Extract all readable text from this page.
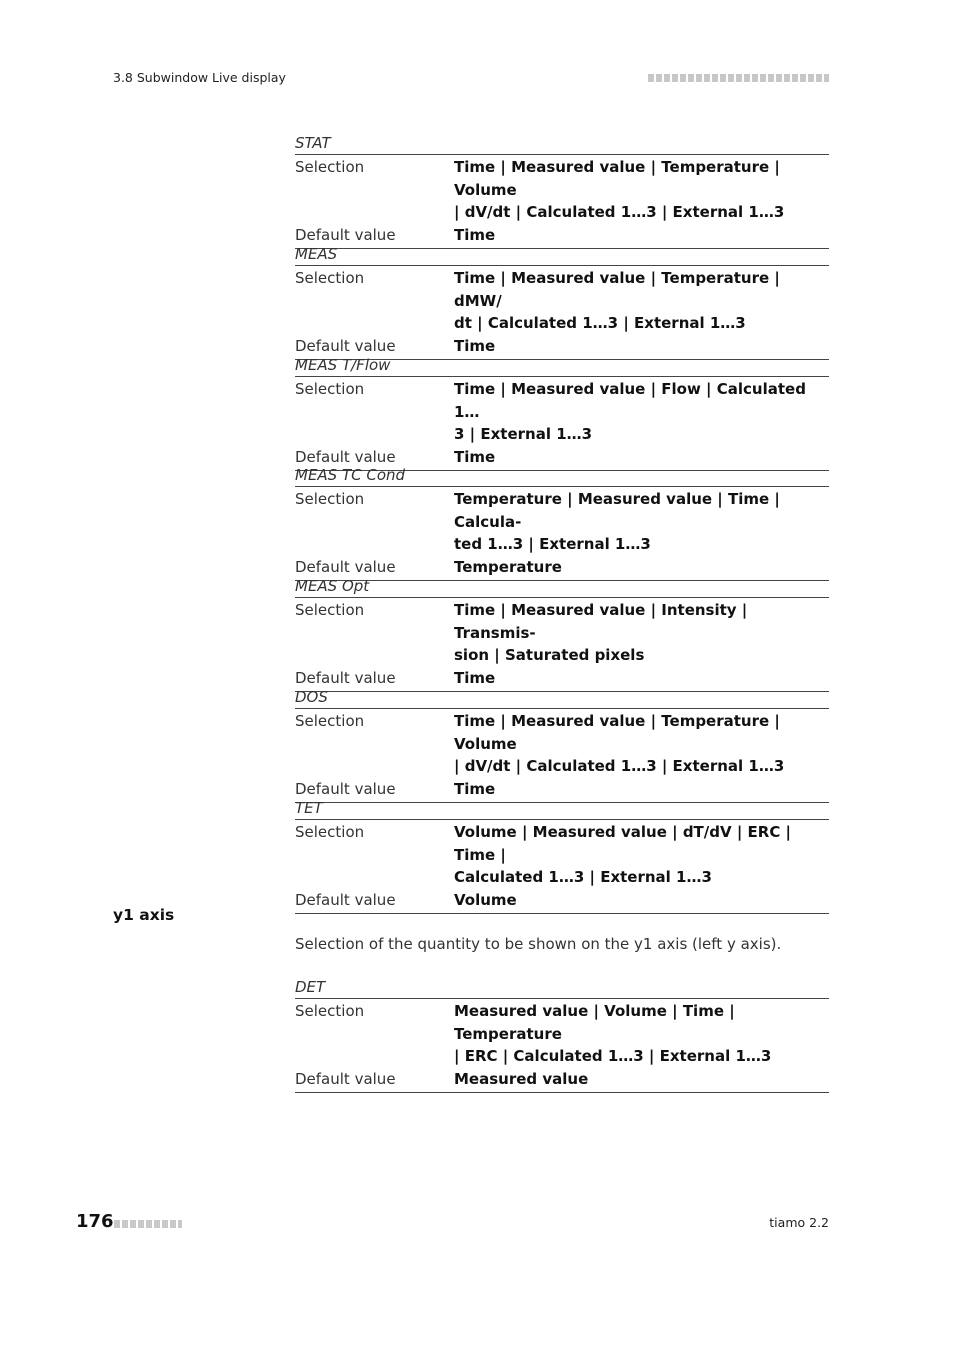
3.8 Subwindow Live display
STAT
Selection	Time | Measured value | Temperature | Volume
| dV/dt | Calculated 1…3 | External 1…3
Default value	Time
MEAS
Selection	Time | Measured value | Temperature | dMW/
dt | Calculated 1…3 | External 1…3
Default value	Time
MEAS T/Flow
Selection	Time | Measured value | Flow | Calculated 1…
3 | External 1…3
Default value	Time
MEAS TC Cond
Selection	Temperature | Measured value | Time | Calcula-
ted 1…3 | External 1…3
Default value	Temperature
MEAS Opt
Selection	Time | Measured value | Intensity | Transmis-
sion | Saturated pixels
Default value	Time
DOS
Selection	Time | Measured value | Temperature | Volume
| dV/dt | Calculated 1…3 | External 1…3
Default value	Time
TET
Selection	Volume | Measured value | dT/dV | ERC | Time |
Calculated 1…3 | External 1…3
Default value	Volume
y1 axis
Selection of the quantity to be shown on the y1 axis (left y axis).
DET
Selection	Measured value | Volume | Time | Temperature
| ERC | Calculated 1…3 | External 1…3
Default value	Measured value
176	tiamo 2.2
